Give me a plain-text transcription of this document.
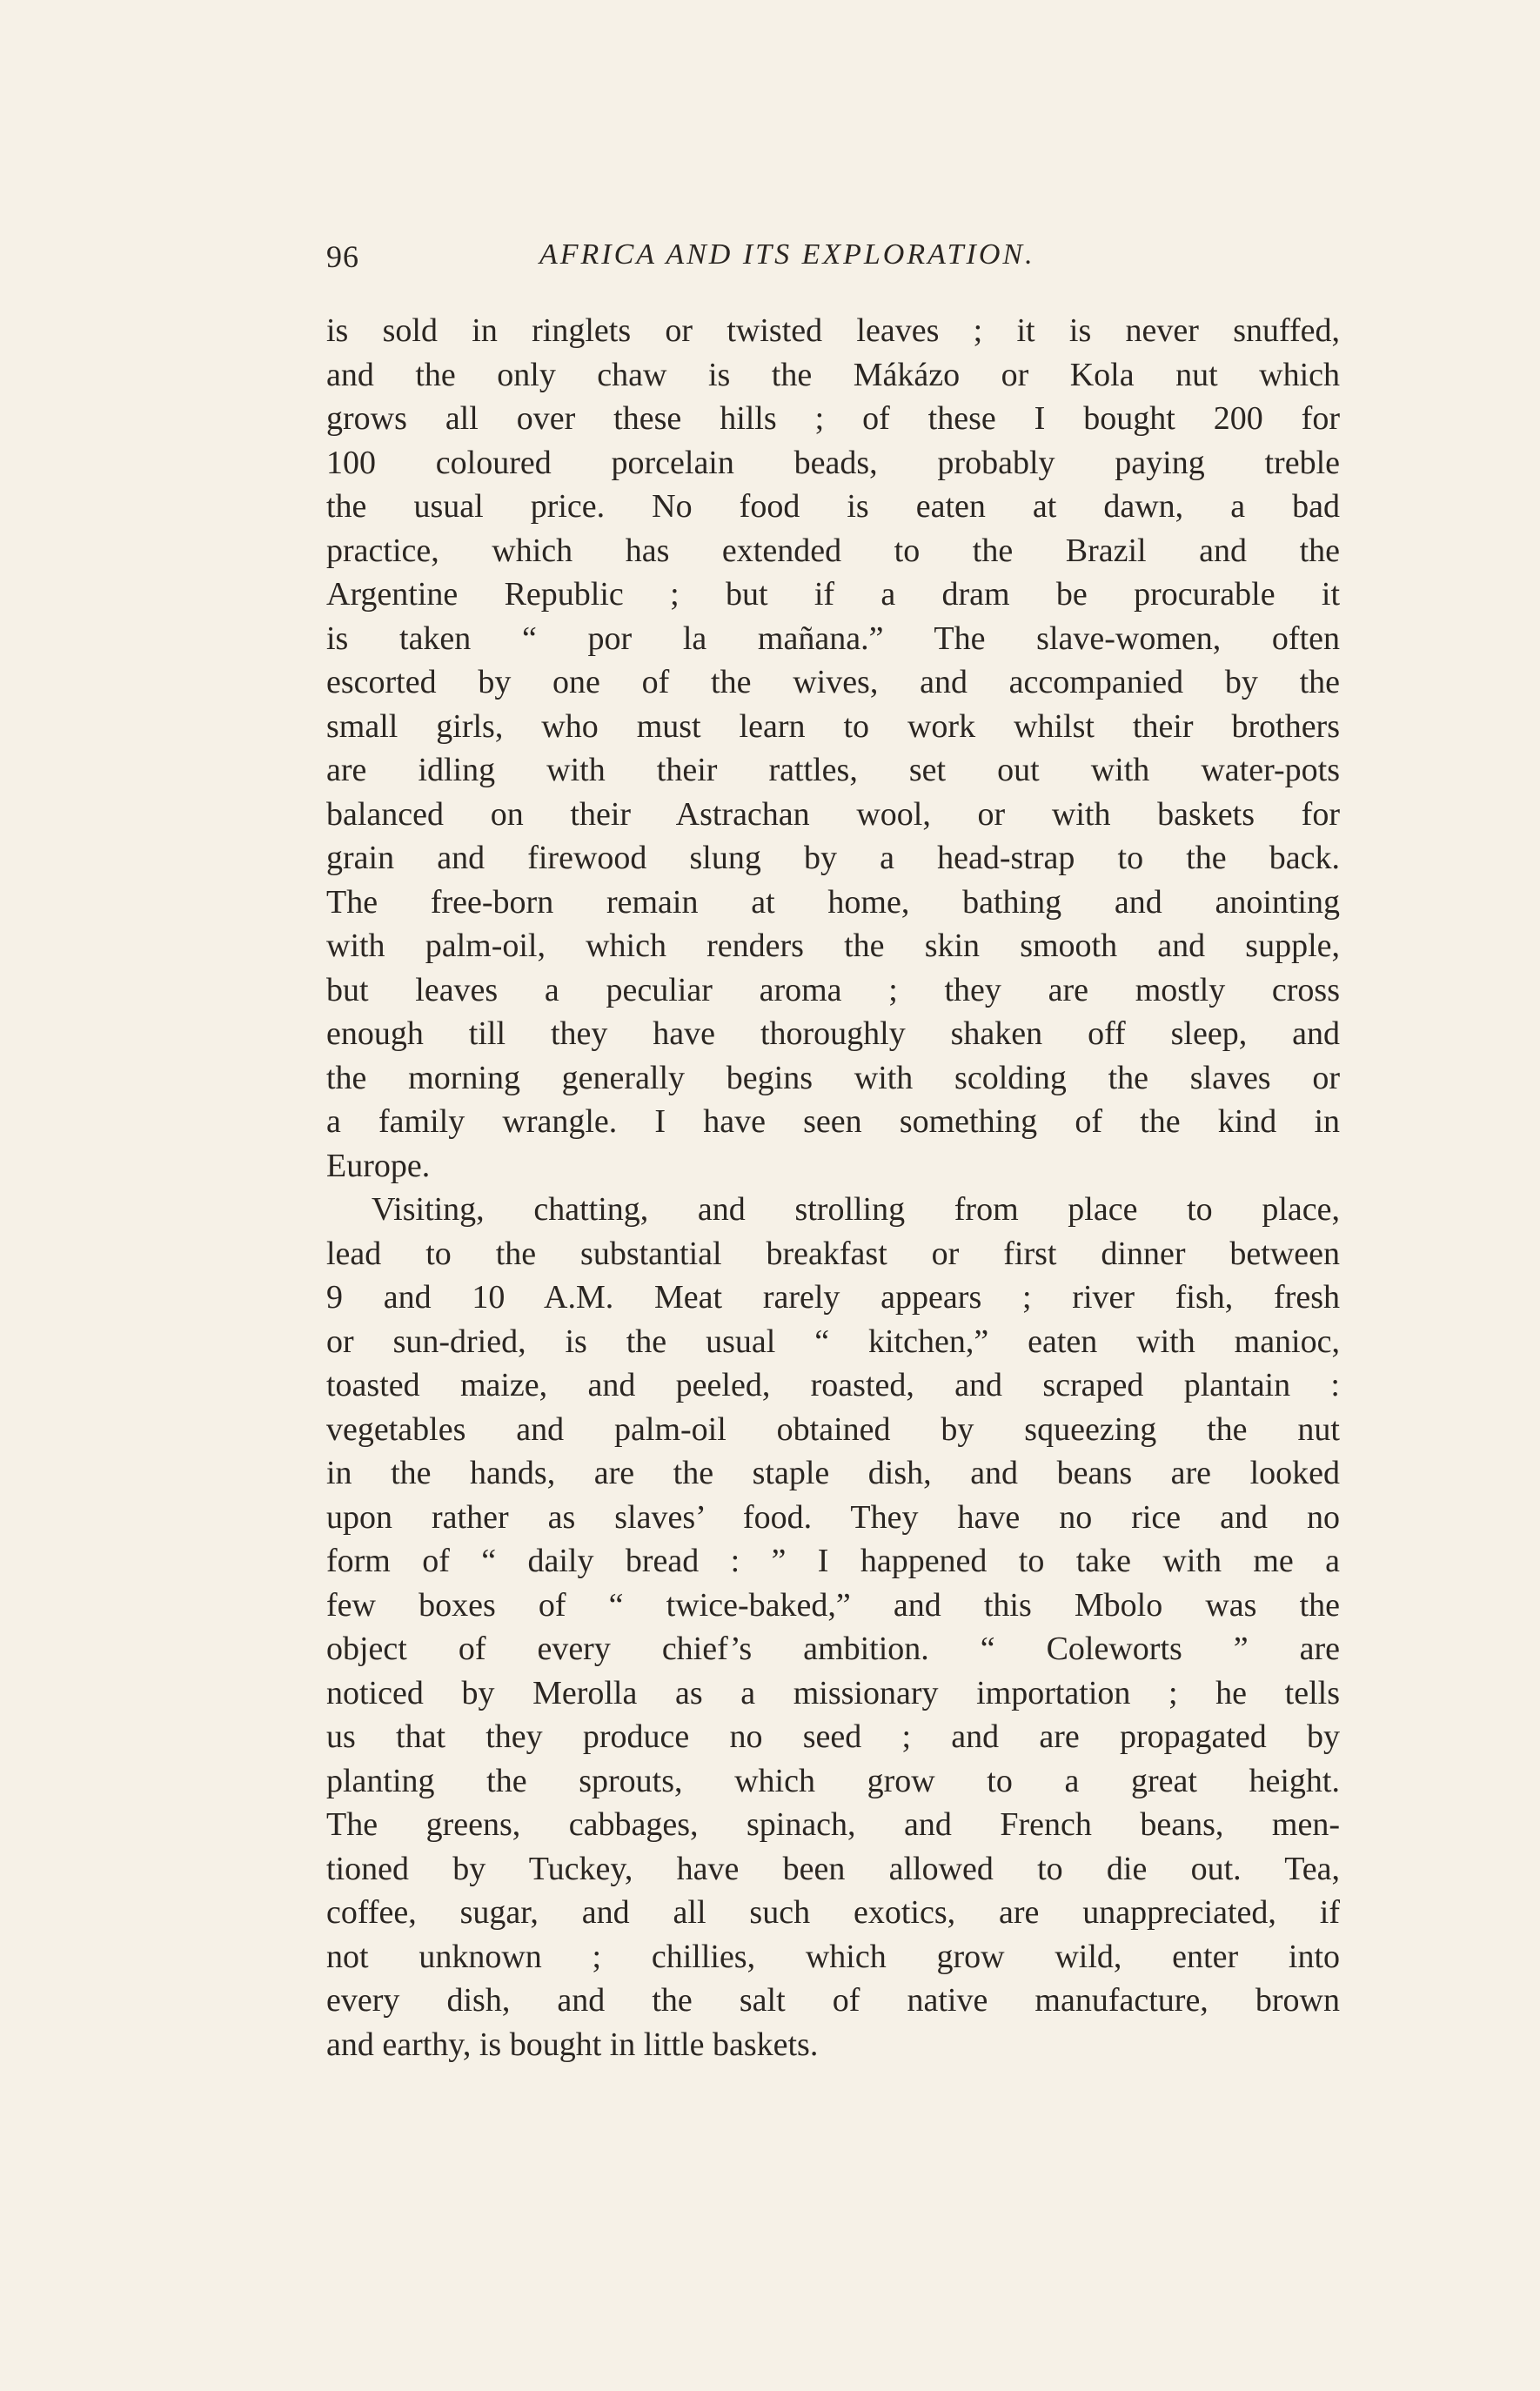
96	AFRICA AND ITS EXPLORATION.
is sold in ringlets or twisted leaves ; it is never snuffed,
and the only chaw is the Mákázo or Kola nut which
grows all over these hills ; of these I bought 200 for
100 coloured porcelain beads, probably paying treble
the usual price. No food is eaten at dawn, a bad
practice, which has extended to the Brazil and the
Argentine Republic ; but if a dram be procurable it
is taken “ por la mañana.” The slave-women, often
escorted by one of the wives, and accompanied by the
small girls, who must learn to work whilst their brothers
are idling with their rattles, set out with water-pots
balanced on their Astrachan wool, or with baskets for
grain and firewood slung by a head-strap to the back.
The free-born remain at home, bathing and anointing
with palm-oil, which renders the skin smooth and supple,
but leaves a peculiar aroma ; they are mostly cross
enough till they have thoroughly shaken off sleep, and
the morning generally begins with scolding the slaves or
a family wrangle. I have seen something of the kind in
Europe.
Visiting, chatting, and strolling from place to place,
lead to the substantial breakfast or first dinner between
9 and 10 A.M. Meat rarely appears ; river fish, fresh
or sun-dried, is the usual “ kitchen,” eaten with manioc,
toasted maize, and peeled, roasted, and scraped plantain :
vegetables and palm-oil obtained by squeezing the nut
in the hands, are the staple dish, and beans are looked
upon rather as slaves’ food. They have no rice and no
form of “ daily bread : ” I happened to take with me a
few boxes of “ twice-baked,” and this Mbolo was the
object of every chief’s ambition. “ Coleworts ” are
noticed by Merolla as a missionary importation ; he tells
us that they produce no seed ; and are propagated by
planting the sprouts, which grow to a great height.
The greens, cabbages, spinach, and French beans, men-
tioned by Tuckey, have been allowed to die out. Tea,
coffee, sugar, and all such exotics, are unappreciated, if
not unknown ; chillies, which grow wild, enter into
every dish, and the salt of native manufacture, brown
and earthy, is bought in little baskets.
